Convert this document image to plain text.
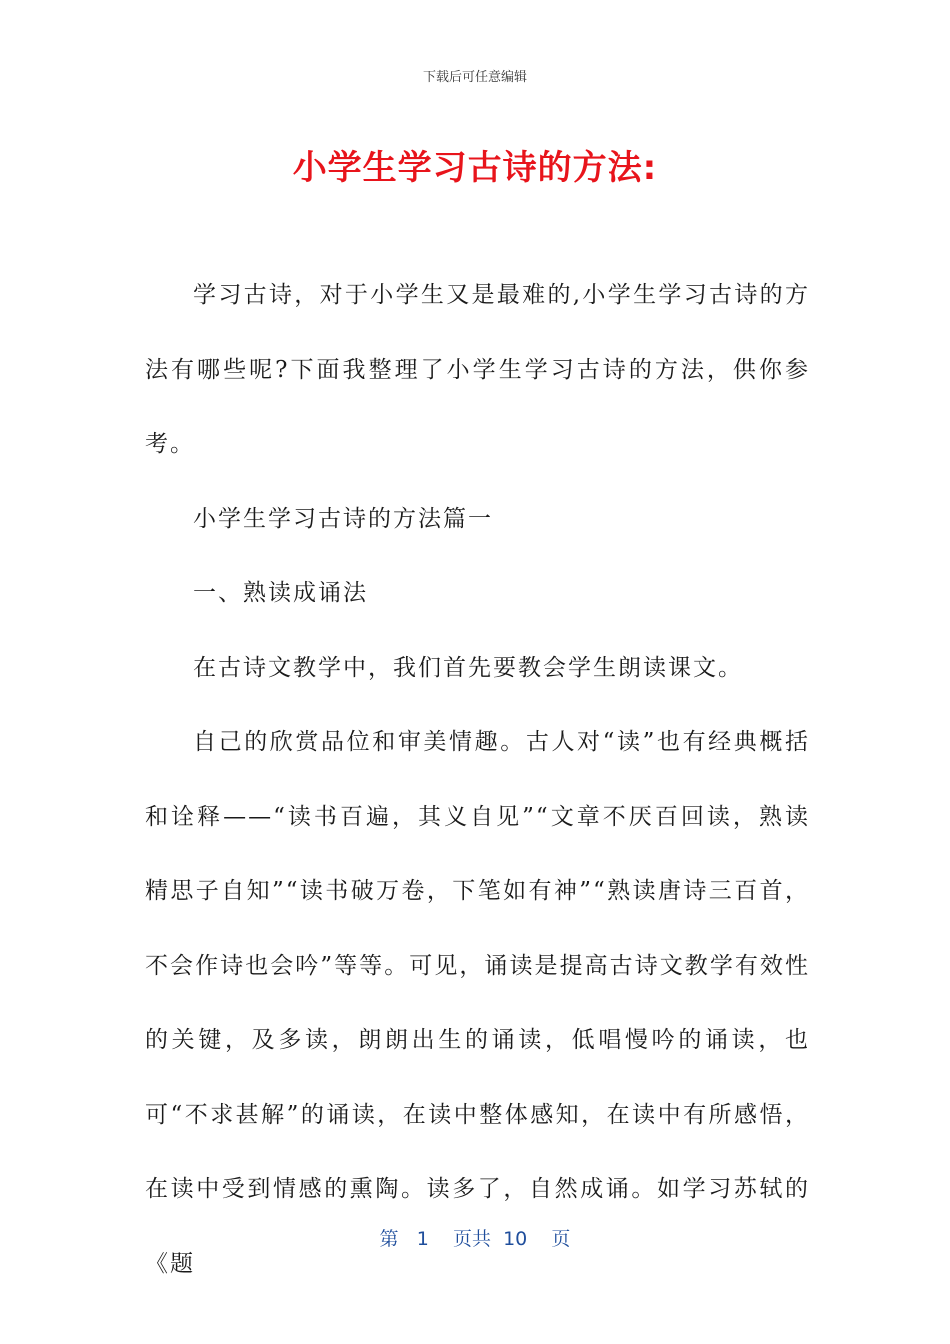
下载后可任意编辑
小学生学习古诗的方法:

学习古诗，对于小学生又是最难的,小学生学习古诗的方法有哪些呢?下面我整理了小学生学习古诗的方法，供你参考。

小学生学习古诗的方法篇一

一、熟读成诵法

在古诗文教学中，我们首先要教会学生朗读课文。

自己的欣赏品位和审美情趣。古人对“读”也有经典概括和诠释——“读书百遍，其义自见”“文章不厌百回读，熟读精思子自知”“读书破万卷，下笔如有神”“熟读唐诗三百首，不会作诗也会吟”等等。可见，诵读是提高古诗文教学有效性的关键，及多读，朗朗出生的诵读，低唱慢吟的诵读，也可“不求甚解”的诵读，在读中整体感知，在读中有所感悟，在读中受到情感的熏陶。读多了，自然成诵。如学习苏轼的《题

第 1 页共 10 页
